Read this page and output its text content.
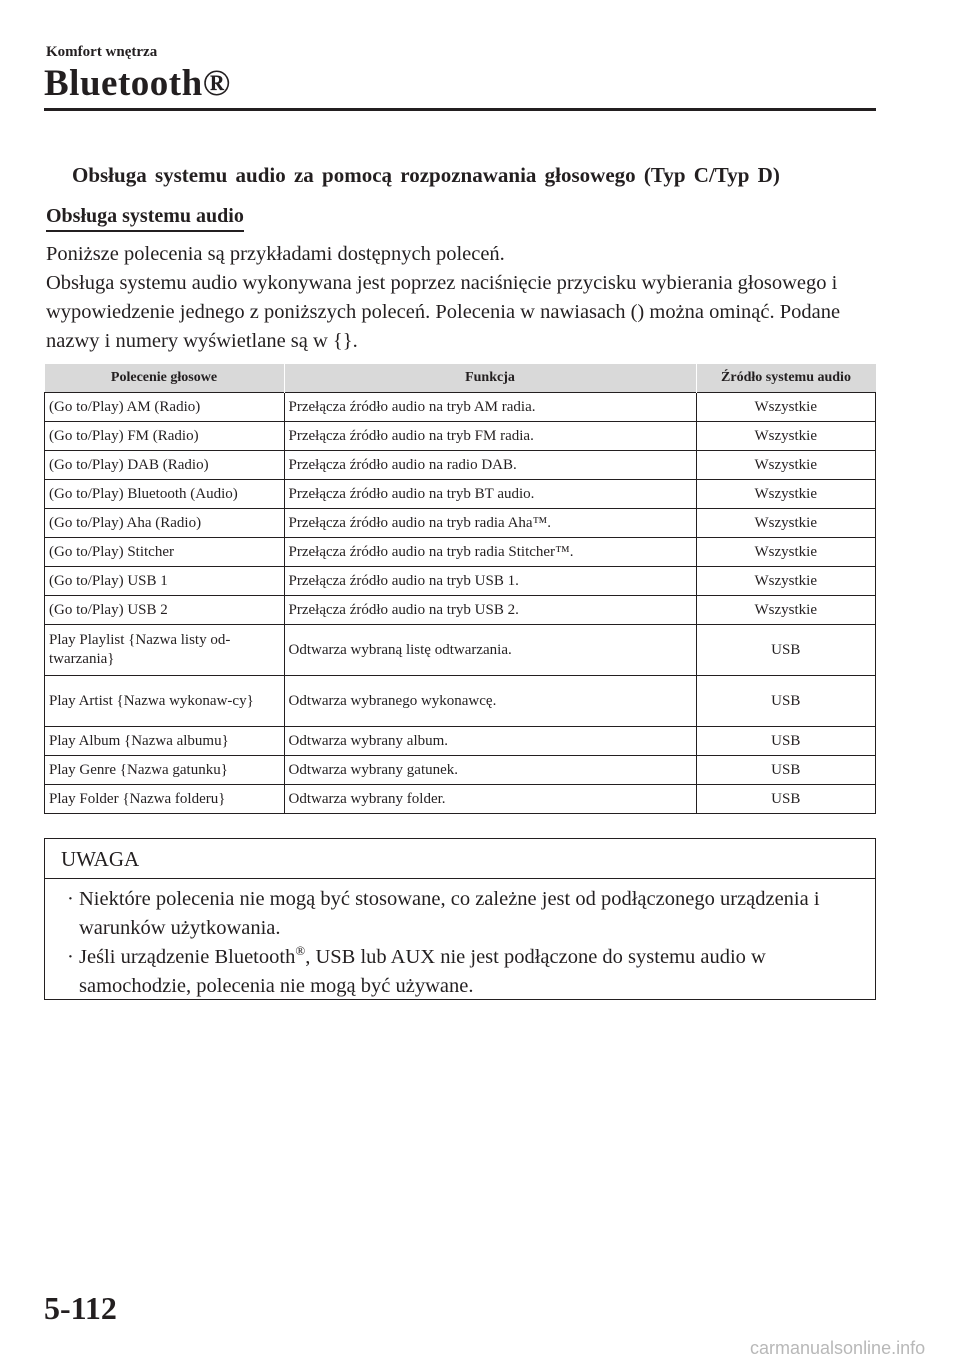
Komfort wnętrza
Bluetooth®
Obsługa systemu audio za pomocą rozpoznawania głosowego (Typ C/Typ D)
Obsługa systemu audio

Poniższe polecenia są przykładami dostępnych poleceń.

Obsługa systemu audio wykonywana jest poprzez naciśnięcie przycisku wybierania głosowego i wypowiedzenie jednego z poniższych poleceń. Polecenia w nawiasach () można ominąć. Podane nazwy i numery wyświetlane są w {}.

Polecenie głosowe	Funkcja	Źródło systemu audio
(Go to/Play) AM (Radio)	Przełącza źródło audio na tryb AM radia.	Wszystkie
(Go to/Play) FM (Radio)	Przełącza źródło audio na tryb FM radia.	Wszystkie
(Go to/Play) DAB (Radio)	Przełącza źródło audio na radio DAB.	Wszystkie
(Go to/Play) Bluetooth (Audio)	Przełącza źródło audio na tryb BT audio.	Wszystkie
(Go to/Play) Aha (Radio)	Przełącza źródło audio na tryb radia Aha™.	Wszystkie
(Go to/Play) Stitcher	Przełącza źródło audio na tryb radia Stitcher™.	Wszystkie
(Go to/Play) USB 1	Przełącza źródło audio na tryb USB 1.	Wszystkie
(Go to/Play) USB 2	Przełącza źródło audio na tryb USB 2.	Wszystkie
Play Playlist {Nazwa listy od-twarzania}	Odtwarza wybraną listę odtwarzania.	USB
Play Artist {Nazwa wykonaw-cy}	Odtwarza wybranego wykonawcę.	USB
Play Album {Nazwa albumu}	Odtwarza wybrany album.	USB
Play Genre {Nazwa gatunku}	Odtwarza wybrany gatunek.	USB
Play Folder {Nazwa folderu}	Odtwarza wybrany folder.	USB
UWAGA
· Niektóre polecenia nie mogą być stosowane, co zależne jest od podłączonego urządzenia i warunków użytkowania.
· Jeśli urządzenie Bluetooth®, USB lub AUX nie jest podłączone do systemu audio w samochodzie, polecenia nie mogą być używane.
5-112
carmanualsonline.info
